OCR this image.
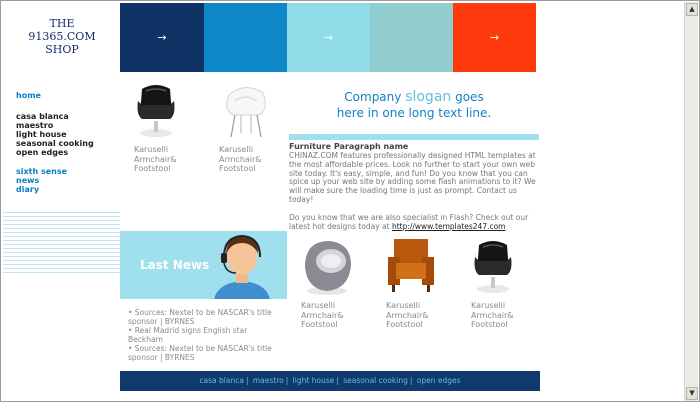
THE
91365.COM
SHOP
→	→	→
home
casa blanca
maestro
light house
seasonal cooking
open edges
sixth sense
news
diary
Karuselli
Armchair&
Footstool
Karuselli
Armchair&
Footstool
Company slogan goes
here in one long text line.
Furniture Paragraph name

CHINAZ.COM features professionally designed HTML templates at the most affordable prices. Look no further to start your own web site today. It's easy, simple, and fun! Do you know that you can spice up your web site by adding some flash animations to it? We will make sure the loading time is just as prompt. Contact us today!

Do you know that we are also specialist in Flash? Check out our latest hot designs today at http://www.templates247.com

Last News

• Sources: Nextel to be NASCAR's title sponsor | BYRNES

• Real Madrid signs English star Beckham

• Sources: Nextel to be NASCAR's title sponsor | BYRNES

Karuselli
Armchair&
Footstool
Karuselli
Armchair&
Footstool
Karuselli
Armchair&
Footstool
casa blanca | maestro | light house | seasonal cooking | open edges
▲
▼
